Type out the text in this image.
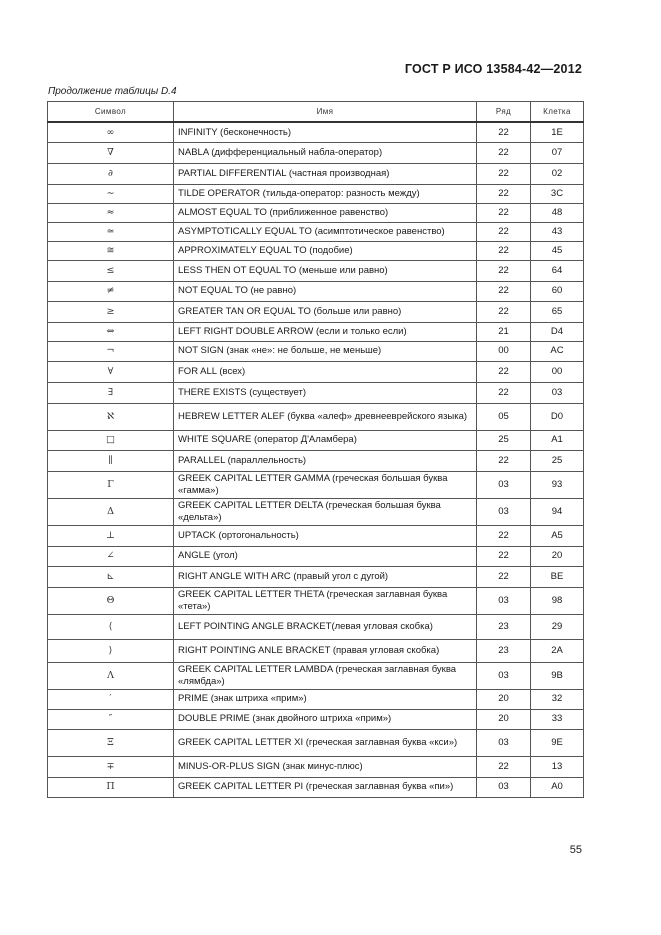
ГОСТ Р ИСО 13584-42—2012
Продолжение таблицы D.4
Символ	Имя	Ряд	Клетка
∞	INFINITY (бесконечность)	22	1E
∇	NABLA (дифференциальный набла-оператор)	22	07
∂	PARTIAL DIFFERENTIAL (частная производная)	22	02
∼	TILDE OPERATOR (тильда-оператор: разность между)	22	3C
≈	ALMOST EQUAL TO (приближенное равенство)	22	48
≃	ASYMPTOTICALLY EQUAL TO (асимптотическое равенство)	22	43
≅	APPROXIMATELY EQUAL TO (подобие)	22	45
≤	LESS THEN OT EQUAL TO (меньше или равно)	22	64
≠	NOT EQUAL TO (не равно)	22	60
≥	GREATER TAN OR EQUAL TO (больше или равно)	22	65
⇔	LEFT RIGHT DOUBLE ARROW (если и только если)	21	D4
¬	NOT SIGN (знак «не»: не больше, не меньше)	00	AC
∀	FOR ALL (всех)	22	00
∃	THERE EXISTS (существует)	22	03
ℵ	HEBREW LETTER ALEF (буква «алеф» древнееврейского языка)	05	D0
□	WHITE SQUARE (оператор Д'Аламбера)	25	A1
∥	PARALLEL (параллельность)	22	25
Γ	GREEK CAPITAL LETTER GAMMA (греческая большая буква «гамма»)	03	93
Δ	GREEK CAPITAL LETTER DELTA (греческая большая буква «дельта»)	03	94
⊥	UPTACK (ортогональность)	22	A5
∠	ANGLE (угол)	22	20
⊾	RIGHT ANGLE WITH ARC (правый угол с дугой)	22	BE
Θ	GREEK CAPITAL LETTER THETA (греческая заглавная буква «тета»)	03	98
⟨	LEFT POINTING ANGLE BRACKET(левая угловая скобка)	23	29
⟩	RIGHT POINTING ANLE BRACKET (правая угловая скобка)	23	2A
Λ	GREEK CAPITAL LETTER LAMBDA (греческая заглавная буква «лямбда»)	03	9B
′	PRIME (знак штриха «прим»)	20	32
″	DOUBLE PRIME (знак двойного штриха «прим»)	20	33
Ξ	GREEK CAPITAL LETTER XI (греческая заглавная буква «кси»)	03	9E
∓	MINUS-OR-PLUS SIGN (знак минус-плюс)	22	13
Π	GREEK CAPITAL LETTER PI (греческая заглавная буква «пи»)	03	A0
55
